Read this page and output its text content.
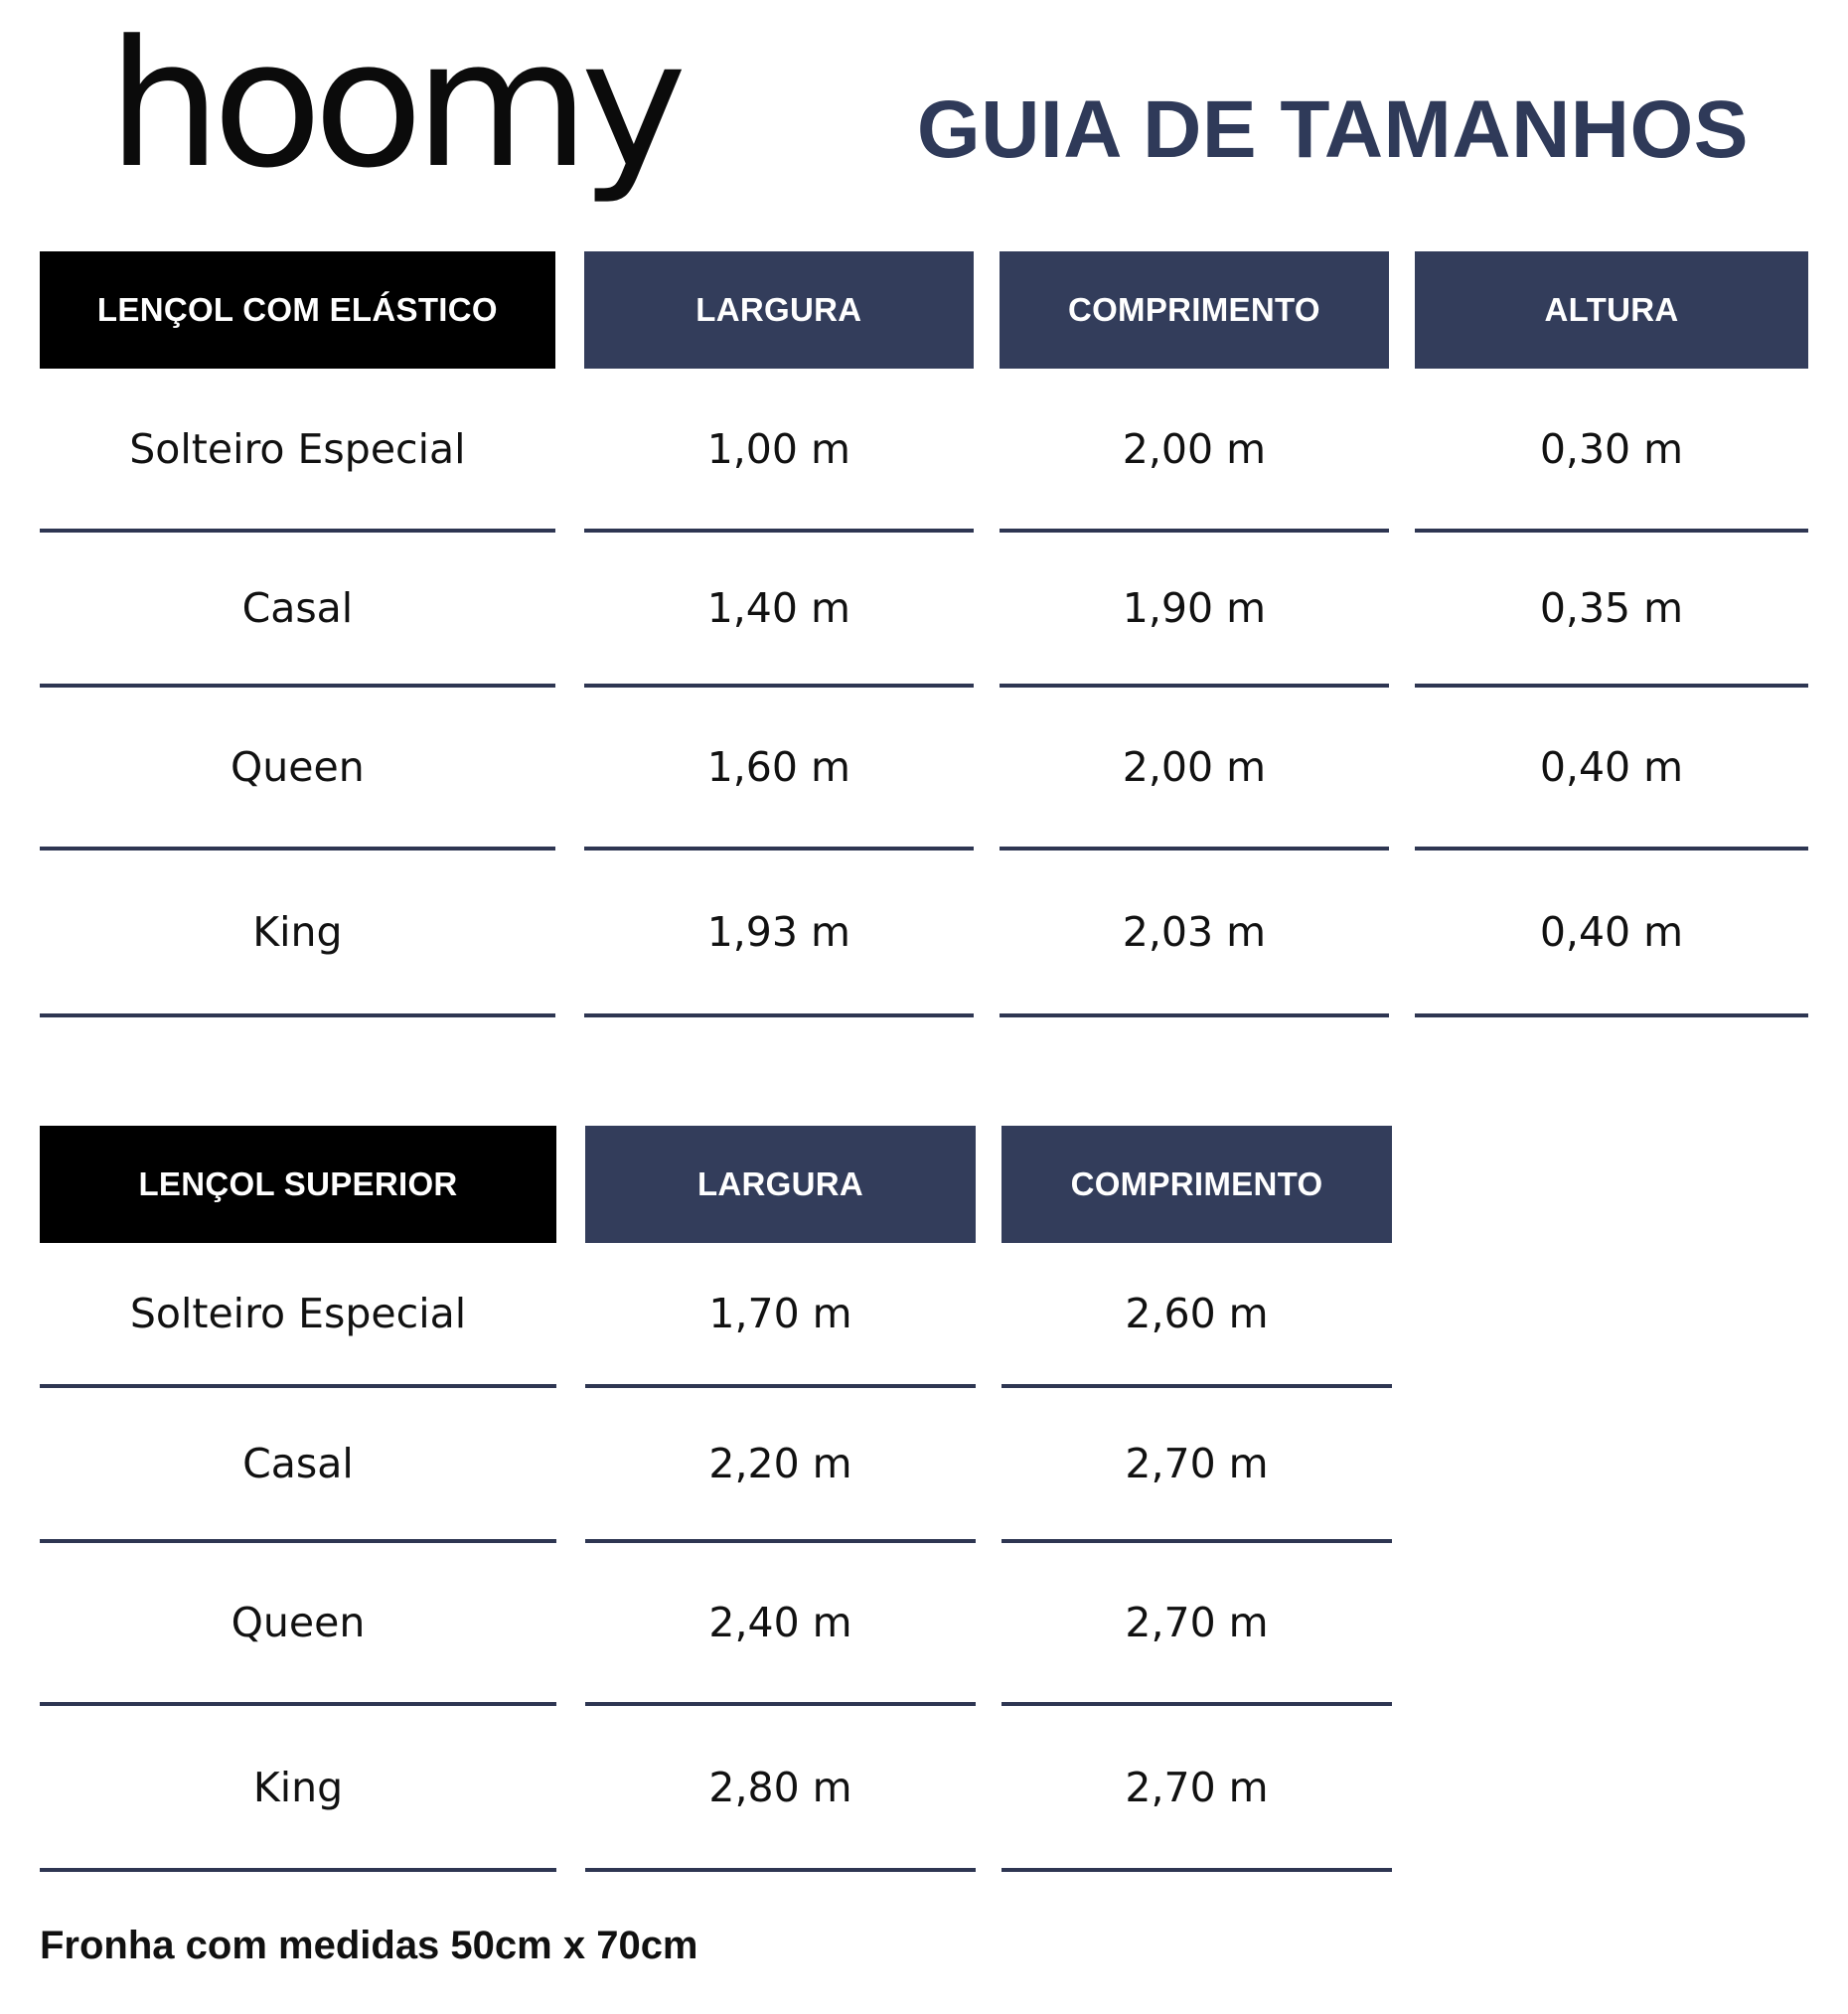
hoomy	GUIA DE TAMANHOS
LENÇOL COM ELÁSTICO	LARGURA	COMPRIMENTO	ALTURA
Solteiro Especial	1,00 m	2,00 m	0,30 m
Casal	1,40 m	1,90 m	0,35 m
Queen	1,60 m	2,00 m	0,40 m
King	1,93 m	2,03 m	0,40 m
LENÇOL SUPERIOR	LARGURA	COMPRIMENTO
Solteiro Especial	1,70 m	2,60 m
Casal	2,20 m	2,70 m
Queen	2,40 m	2,70 m
King	2,80 m	2,70 m
Fronha com medidas 50cm x 70cm
